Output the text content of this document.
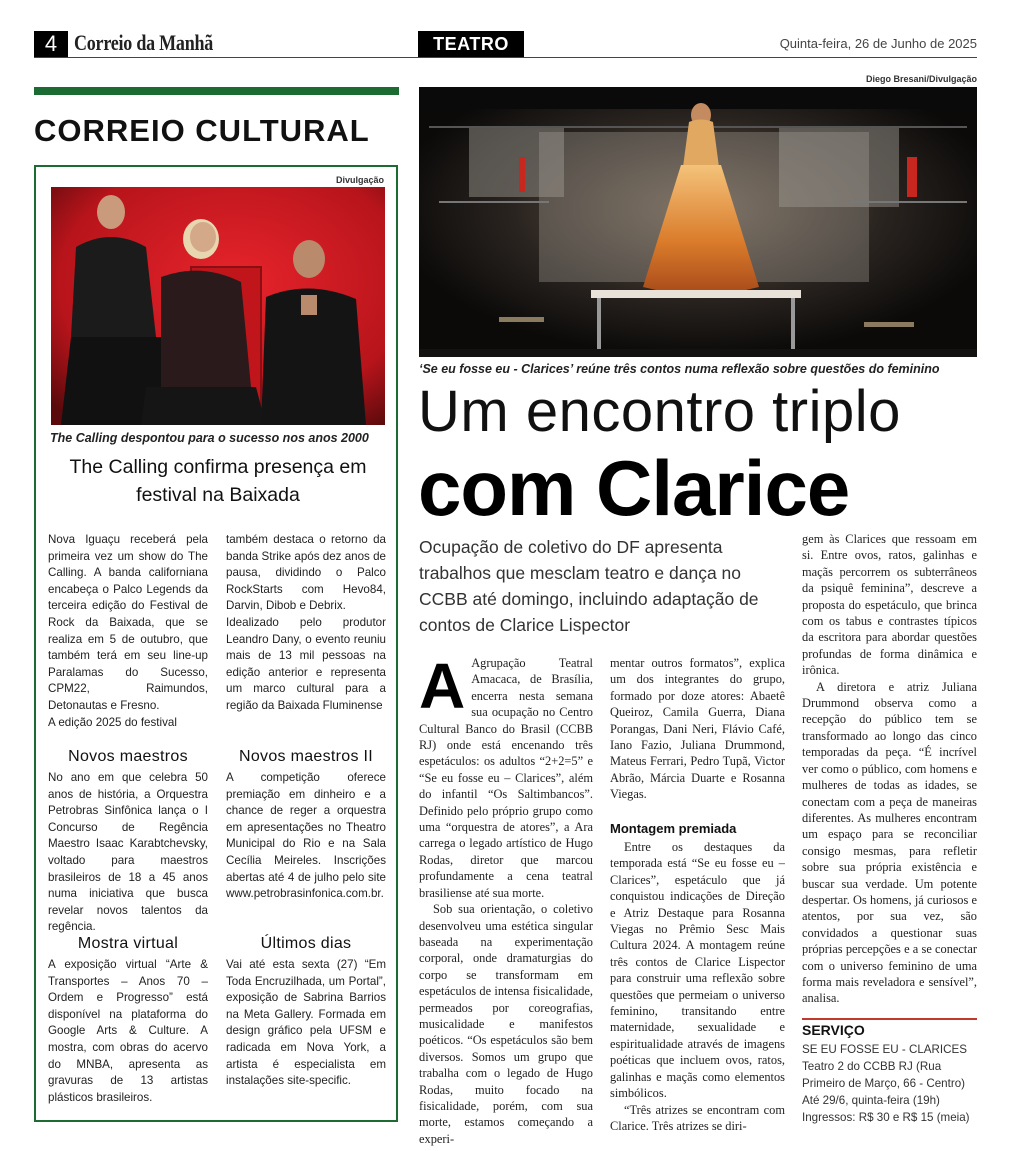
4 Correio da Manhã	TEATRO	Quinta-feira, 26 de Junho de 2025
CORREIO CULTURAL
Divulgação
The Calling despontou para o sucesso nos anos 2000
The Calling confirma presença em festival na Baixada

Nova Iguaçu receberá pela primeira vez um show do The Calling. A banda californiana encabeça o Palco Legends da terceira edição do Festival de Rock da Baixada, que se realiza em 5 de outubro, que também terá em seu line-up Paralamas do Sucesso, CPM22, Raimundos, Detonautas e Fresno.

A edição 2025 do festival

também destaca o retorno da banda Strike após dez anos de pausa, dividindo o Palco RockStarts com Hevo84, Darvin, Dibob e Debrix.

Idealizado pelo produtor Leandro Dany, o evento reuniu mais de 13 mil pessoas na edição anterior e representa um marco cultural para a região da Baixada Fluminense

Novos maestros
No ano em que celebra 50 anos de história, a Orquestra Petrobras Sinfônica lança o I Concurso de Regência Maestro Isaac Karabtchevsky, voltado para maestros brasileiros de 18 a 45 anos numa iniciativa que busca revelar novos talentos da regência.
Novos maestros II
A competição oferece premiação em dinheiro e a chance de reger a orquestra em apresentações no Theatro Municipal do Rio e na Sala Cecília Meireles. Inscrições abertas até 4 de julho pelo site www.petrobrasinfonica.com.br.
Mostra virtual
A exposição virtual “Arte & Transportes – Anos 70 – Ordem e Progresso” está disponível na plataforma do Google Arts & Culture. A mostra, com obras do acervo do MNBA, apresenta as gravuras de 13 artistas plásticos brasileiros.
Últimos dias
Vai até esta sexta (27) “Em Toda Encruzilhada, um Portal”, exposição de Sabrina Barrios na Meta Gallery. Formada em design gráfico pela UFSM e radicada em Nova York, a artista é especialista em instalações site-specific.
Diego Bresani/Divulgação
‘Se eu fosse eu - Clarices’ reúne três contos numa reflexão sobre questões do feminino
Um encontro triplo
com Clarice
Ocupação de coletivo do DF apresenta trabalhos que mesclam teatro e dança no CCBB até domingo, incluindo adaptação de contos de Clarice Lispector

A Agrupação Teatral Amacaca, de Brasília, encerra nesta semana sua ocupação no Centro Cultural Banco do Brasil (CCBB RJ) onde está encenando três espetáculos: os adultos “2+2=5” e “Se eu fosse eu – Clarices”, além do infantil “Os Saltimbancos”. Definido pelo próprio grupo como uma “orquestra de atores”, a Ara carrega o legado artístico de Hugo Rodas, diretor que marcou profundamente a cena teatral brasiliense até sua morte.

Sob sua orientação, o coletivo desenvolveu uma estética singular baseada na experimentação corporal, onde dramaturgias do corpo se transformam em espetáculos de intensa fisicalidade, permeados por coreografias, musicalidade e manifestos poéticos. “Os espetáculos são bem diversos. Somos um grupo que trabalha com o legado de Hugo Rodas, muito focado na fisicalidade, porém, com sua morte, estamos começando a experi-

mentar outros formatos”, explica um dos integrantes do grupo, formado por doze atores: Abaetê Queiroz, Camila Guerra, Diana Porangas, Dani Neri, Flávio Café, Iano Fazio, Juliana Drummond, Mateus Ferrari, Pedro Tupã, Victor Abrão, Márcia Duarte e Rosanna Viegas.

Montagem premiada

Entre os destaques da temporada está “Se eu fosse eu – Clarices”, espetáculo que já conquistou indicações de Direção e Atriz Destaque para Rosanna Viegas no Prêmio Sesc Mais Cultura 2024. A montagem reúne três contos de Clarice Lispector para construir uma reflexão sobre questões que permeiam o universo feminino, transitando entre maternidade, sexualidade e espiritualidade através de imagens poéticas que incluem ovos, ratos, galinhas e maçãs como elementos simbólicos.

“Três atrizes se encontram com Clarice. Três atrizes se diri-

gem às Clarices que ressoam em si. Entre ovos, ratos, galinhas e maçãs percorrem os subterrâneos da psiquê feminina”, descreve a proposta do espetáculo, que brinca com os tabus e contrastes típicos da escritora para abordar questões profundas de forma dinâmica e irônica.

A diretora e atriz Juliana Drummond observa como a recepção do público tem se transformado ao longo das cinco temporadas da peça. “É incrível ver como o público, com homens e mulheres de todas as idades, se conectam com a peça de maneiras diferentes. As mulheres encontram um espaço para se reconciliar consigo mesmas, para refletir sobre sua própria existência e buscar sua verdade. Um potente despertar. Os homens, já curiosos e atentos, por sua vez, são convidados a questionar suas próprias percepções e a se conectar com o universo feminino de uma forma mais reveladora e sensível”, analisa.

SERVIÇO
SE EU FOSSE EU - CLARICES
Teatro 2 do CCBB RJ (Rua Primeiro de Março, 66 - Centro)
Até 29/6, quinta-feira (19h)
Ingressos: R$ 30 e R$ 15 (meia)
